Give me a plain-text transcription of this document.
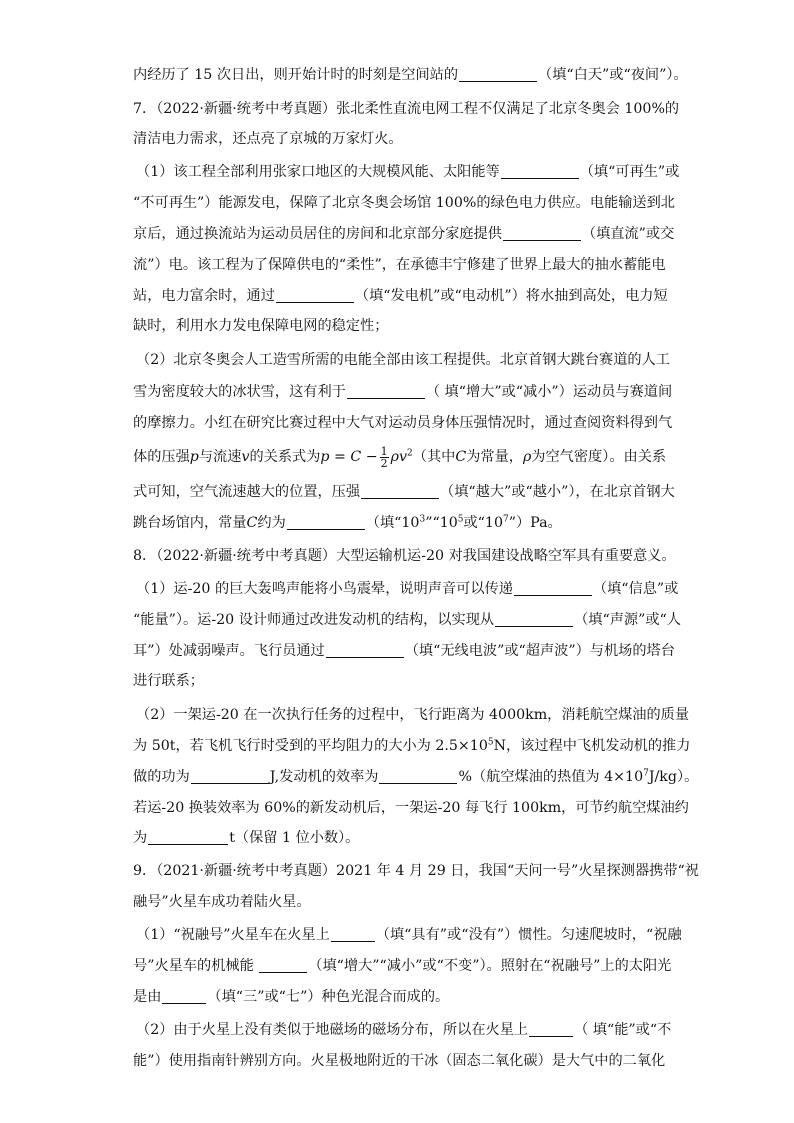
内经历了 15 次日出，则开始计时的时刻是空间站的	（填“白天”或“夜间”）。
7．（2022·新疆·统考中考真题）张北柔性直流电网工程不仅满足了北京冬奥会 100%的
清洁电力需求，还点亮了京城的万家灯火。
（1）该工程全部利用张家口地区的大规模风能、太阳能等	（填“可再生”或
“不可再生”）能源发电，保障了北京冬奥会场馆 100%的绿色电力供应。电能输送到北
京后，通过换流站为运动员居住的房间和北京部分家庭提供	（填直流”或交
流”）电。该工程为了保障供电的“柔性”，在承德丰宁修建了世界上最大的抽水蓄能电
站，电力富余时，通过	（填“发电机”或“电动机”）将水抽到高处，电力短
缺时，利用水力发电保障电网的稳定性；
（2）北京冬奥会人工造雪所需的电能全部由该工程提供。北京首钢大跳台赛道的人工
雪为密度较大的冰状雪，这有利于	（ 填“增大”或“减小”）运动员与赛道间
的摩擦力。小红在研究比赛过程中大气对运动员身体压强情况时，通过查阅资料得到气
体的压强p与流速v的关系式为$p = C - \frac{1}{2} \rho v^2$（其中C为常量，ρ为空气密度）。由关系
式可知，空气流速越大的位置，压强	（填“越大”或“越小”），在北京首钢大
跳台场馆内，常量C约为	（填“$10^3”“10^5$或“$10^7”)Pa$。
8．（2022·新疆·统考中考真题）大型运输机运-20 对我国建设战略空军具有重要意义。
（1）运-20 的巨大轰鸣声能将小鸟震晕，说明声音可以传递	（填“信息”或
“能量”）。运-20 设计师通过改进发动机的结构，以实现从	（填“声源”或“人
耳”）处减弱噪声。飞行员通过	（填“无线电波”或“超声波”）与机场的塔台
进行联系；
（2）一架运-20 在一次执行任务的过程中，飞行距离为 4000km，消耗航空煤油的质量
为 50t，若飞机飞行时受到的平均阻力的大小为 $2.5\times 10^5N$，该过程中飞机发动机的推力
做的功为	J,发动机的效率为	%（航空煤油的热值为 $4\times 10^7J/kg$）。
若运-20 换装效率为 60%的新发动机后，一架运-20 每飞行 100km，可节约航空煤油约
为	t（保留 1 位小数）。
9．（2021·新疆·统考中考真题）2021 年 4 月 29 日，我国“天问一号”火星探测器携带“祝
融号”火星车成功着陆火星。
（1）“祝融号”火星车在火星上	（填“具有”或“没有”）惯性。匀速爬坡时，“祝融
号”火星车的机械能	（填“增大”“减小”或“不变”）。照射在“祝融号”上的太阳光
是由	（填“三”或“七”）种色光混合而成的。
（2）由于火星上没有类似于地磁场的磁场分布，所以在火星上	（ 填“能”或“不
能”）使用指南针辨别方向。火星极地附近的干冰（固态二氧化碳）是大气中的二氧化
